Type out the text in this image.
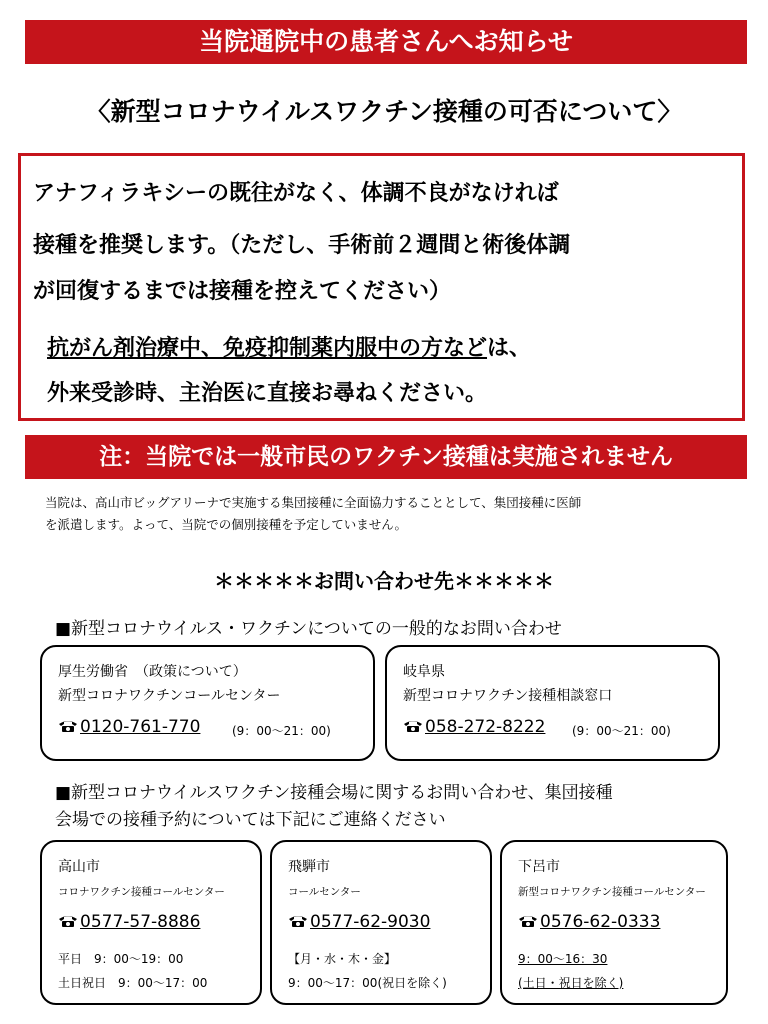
当院通院中の患者さんへお知らせ
〈新型コロナウイルスワクチン接種の可否について〉
アナフィラキシーの既往がなく、体調不良がなければ
接種を推奨します。（ただし、手術前２週間と術後体調
が回復するまでは接種を控えてください）
抗がん剤治療中、免疫抑制薬内服中の方などは、
外来受診時、主治医に直接お尋ねください。
注：当院では一般市民のワクチン接種は実施されません
当院は、高山市ビッグアリーナで実施する集団接種に全面協力することとして、集団接種に医師
を派遣します。よって、当院での個別接種を予定していません。
＊＊＊＊＊お問い合わせ先＊＊＊＊＊
■新型コロナウイルス・ワクチンについての一般的なお問い合わせ
厚生労働省　（政策について）
新型コロナワクチンコールセンター
0120-761-770	(9：00～21：00)
岐阜県
新型コロナワクチン接種相談窓口
058-272-8222 (9：00～21：00)
■新型コロナウイルスワクチン接種会場に関するお問い合わせ、集団接種
会場での接種予約については下記にご連絡ください
高山市
コロナワクチン接種コールセンター
0577-57-8886
平日　9：00～19：00
土日祝日　9：00～17：00
飛騨市
コールセンター
0577-62-9030
【月・水・木・金】
9：00～17：00(祝日を除く)
下呂市
新型コロナワクチン接種コールセンター
0576-62-0333
9：00～16：30
(土日・祝日を除く)
